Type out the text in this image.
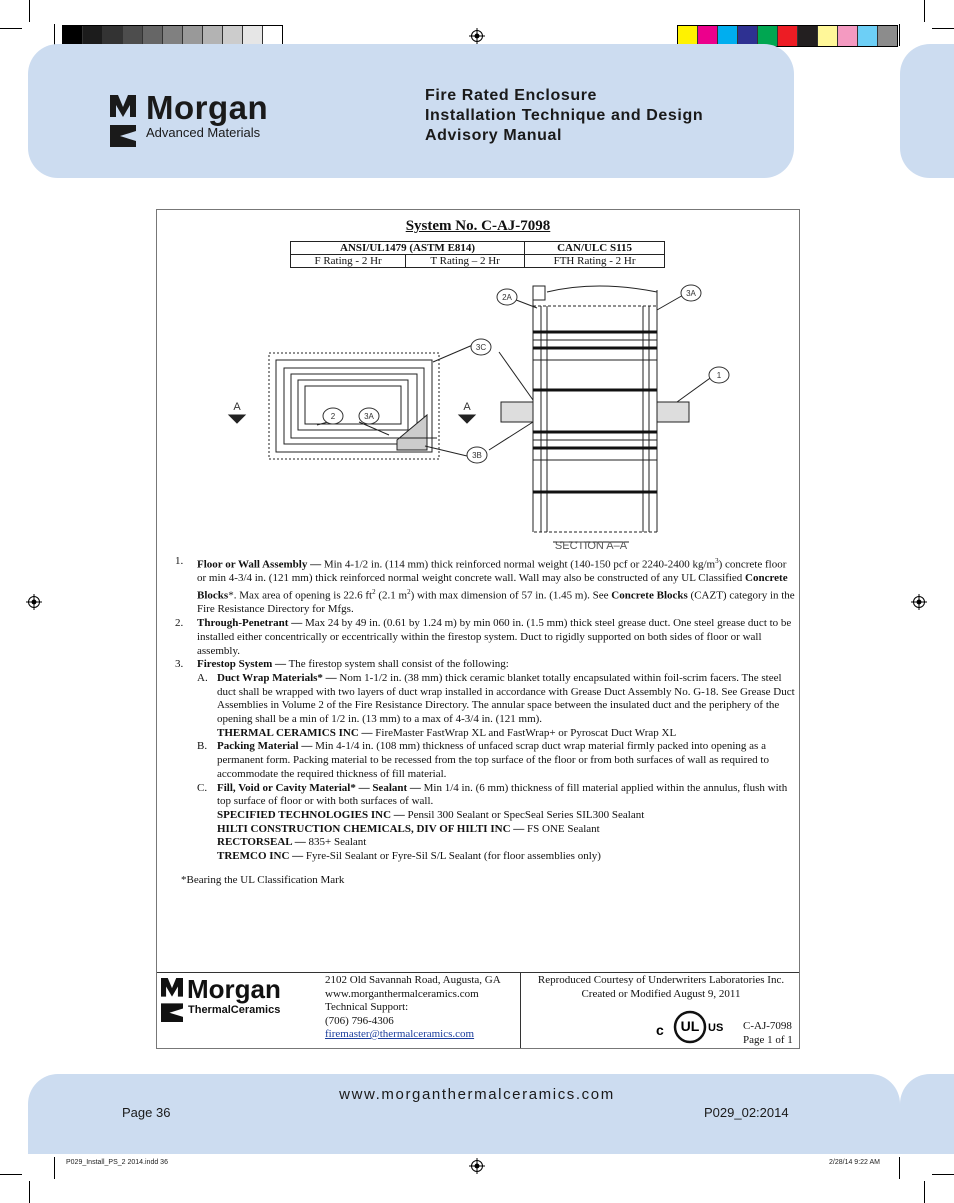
Morgan
Advanced Materials
Fire Rated Enclosure
Installation Technique and Design
Advisory Manual
System No. C-AJ-7098
ANSI/UL1479 (ASTM E814)		CAN/ULC S115
F Rating - 2 Hr	T Rating – 2 Hr	FTH Rating - 2 Hr
2A	3A
3C
1
2	3A
3B
A	A
SECTION A–A
1. Floor or Wall Assembly — Min 4-1/2 in. (114 mm) thick reinforced normal weight (140-150 pcf or 2240-2400 $kg/m^3$) concrete floor or min 4-3/4 in. (121 mm) thick reinforced normal weight concrete wall. Wall may also be constructed of any UL Classified Concrete Blocks*. Max area of opening is 22.6 $ft^2$ (2.1 $m^2$) with max dimension of 57 in. (1.45 m). See Concrete Blocks (CAZT) category in the Fire Resistance Directory for Mfgs.
2. Through-Penetrant — Max 24 by 49 in. (0.61 by 1.24 m) by min 060 in. (1.5 mm) thick steel grease duct. One steel grease duct to be installed either concentrically or eccentrically within the firestop system. Duct to rigidly supported on both sides of floor or wall assembly.
3. Firestop System — The firestop system shall consist of the following:
A. Duct Wrap Materials* — Nom 1-1/2 in. (38 mm) thick ceramic blanket totally encapsulated within foil-scrim facers. The steel duct shall be wrapped with two layers of duct wrap installed in accordance with Grease Duct Assembly No. G-18. See Grease Duct Assemblies in Volume 2 of the Fire Resistance Directory. The annular space between the insulated duct and the periphery of the opening shall be a min of 1/2 in. (13 mm) to a max of 4-3/4 in. (121 mm).
THERMAL CERAMICS INC — FireMaster FastWrap XL and FastWrap+ or Pyroscat Duct Wrap XL
B. Packing Material — Min 4-1/4 in. (108 mm) thickness of unfaced scrap duct wrap material firmly packed into opening as a permanent form. Packing material to be recessed from the top surface of the floor or from both surfaces of wall as required to accommodate the required thickness of fill material.
C. Fill, Void or Cavity Material* — Sealant — Min 1/4 in. (6 mm) thickness of fill material applied within the annulus, flush with top surface of floor or with both surfaces of wall.
SPECIFIED TECHNOLOGIES INC — Pensil 300 Sealant or SpecSeal Series SIL300 Sealant
HILTI CONSTRUCTION CHEMICALS, DIV OF HILTI INC — FS ONE Sealant
RECTORSEAL — 835+ Sealant
TREMCO INC — Fyre-Sil Sealant or Fyre-Sil S/L Sealant (for floor assemblies only)
*Bearing the UL Classification Mark
Morgan
ThermalCeramics
2102 Old Savannah Road, Augusta, GA
www.morganthermalceramics.com
Technical Support:
(706) 796-4306
firemaster@thermalceramics.com
Reproduced Courtesy of Underwriters Laboratories Inc.
Created or Modified August 9, 2011
c UL US C-AJ-7098
Page 1 of 1
www.morganthermalceramics.com
Page 36	P029_02:2014
P029_Install_PS_2 2014.indd 36	2/28/14 9:22 AM
